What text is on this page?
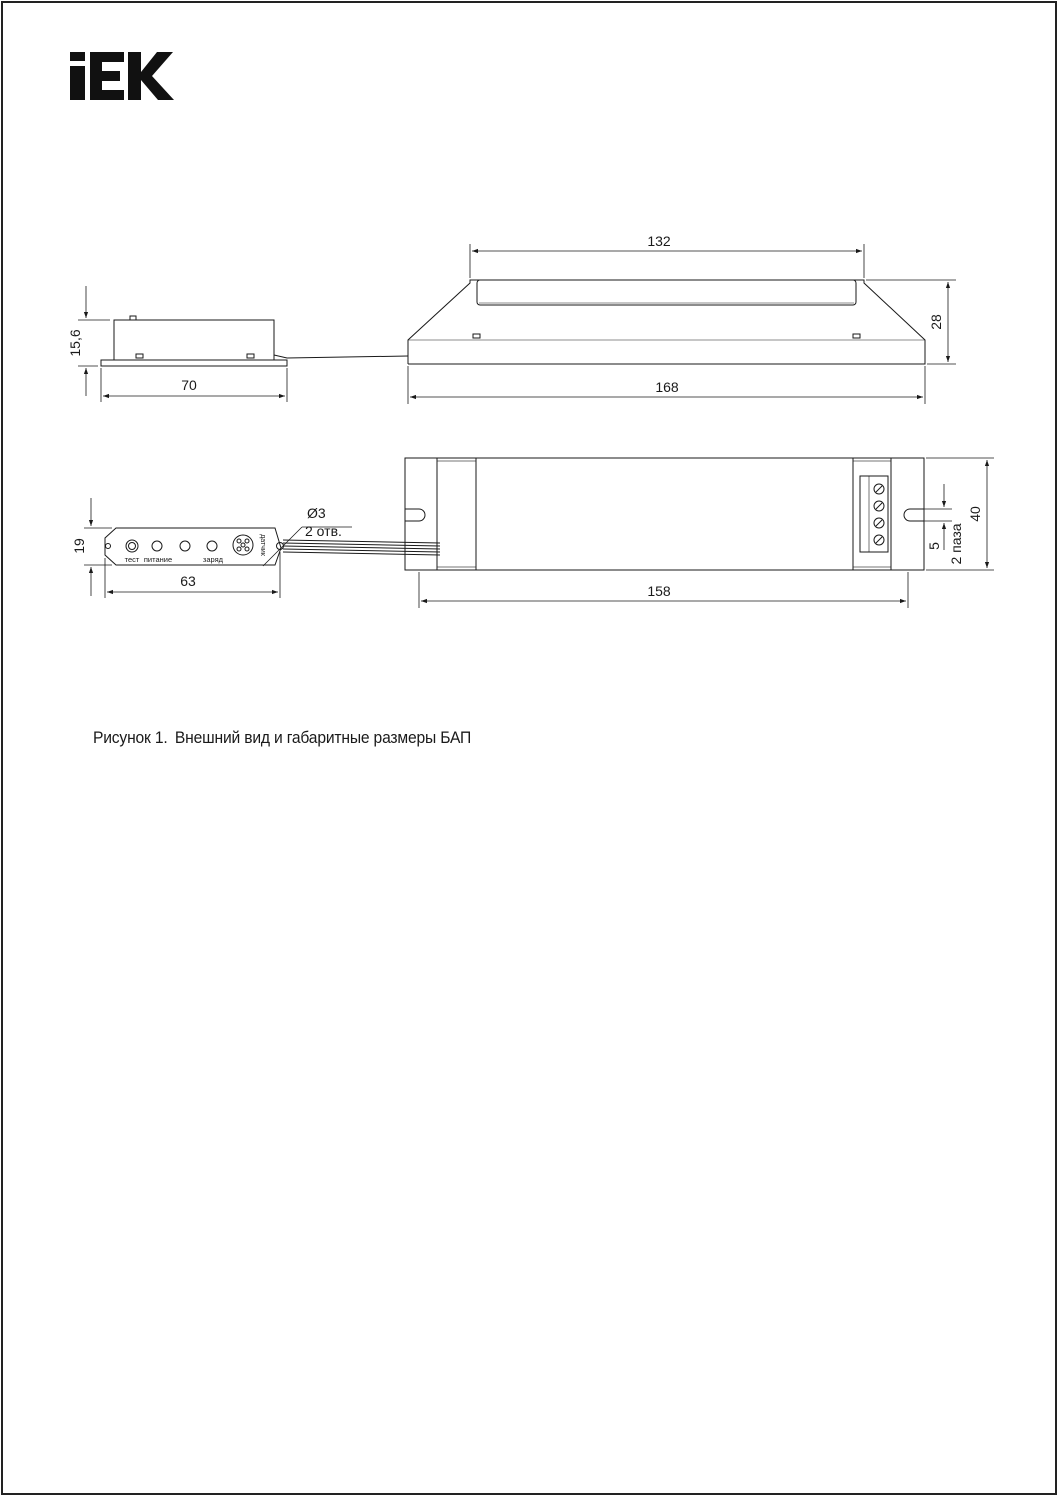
15,6
70
132
28
168
тест питание	заряд
датчик
Ø3
2 отв.
19
63
5 2 паза
40
158
Рисунок 1. Внешний вид и габаритные размеры БАП
